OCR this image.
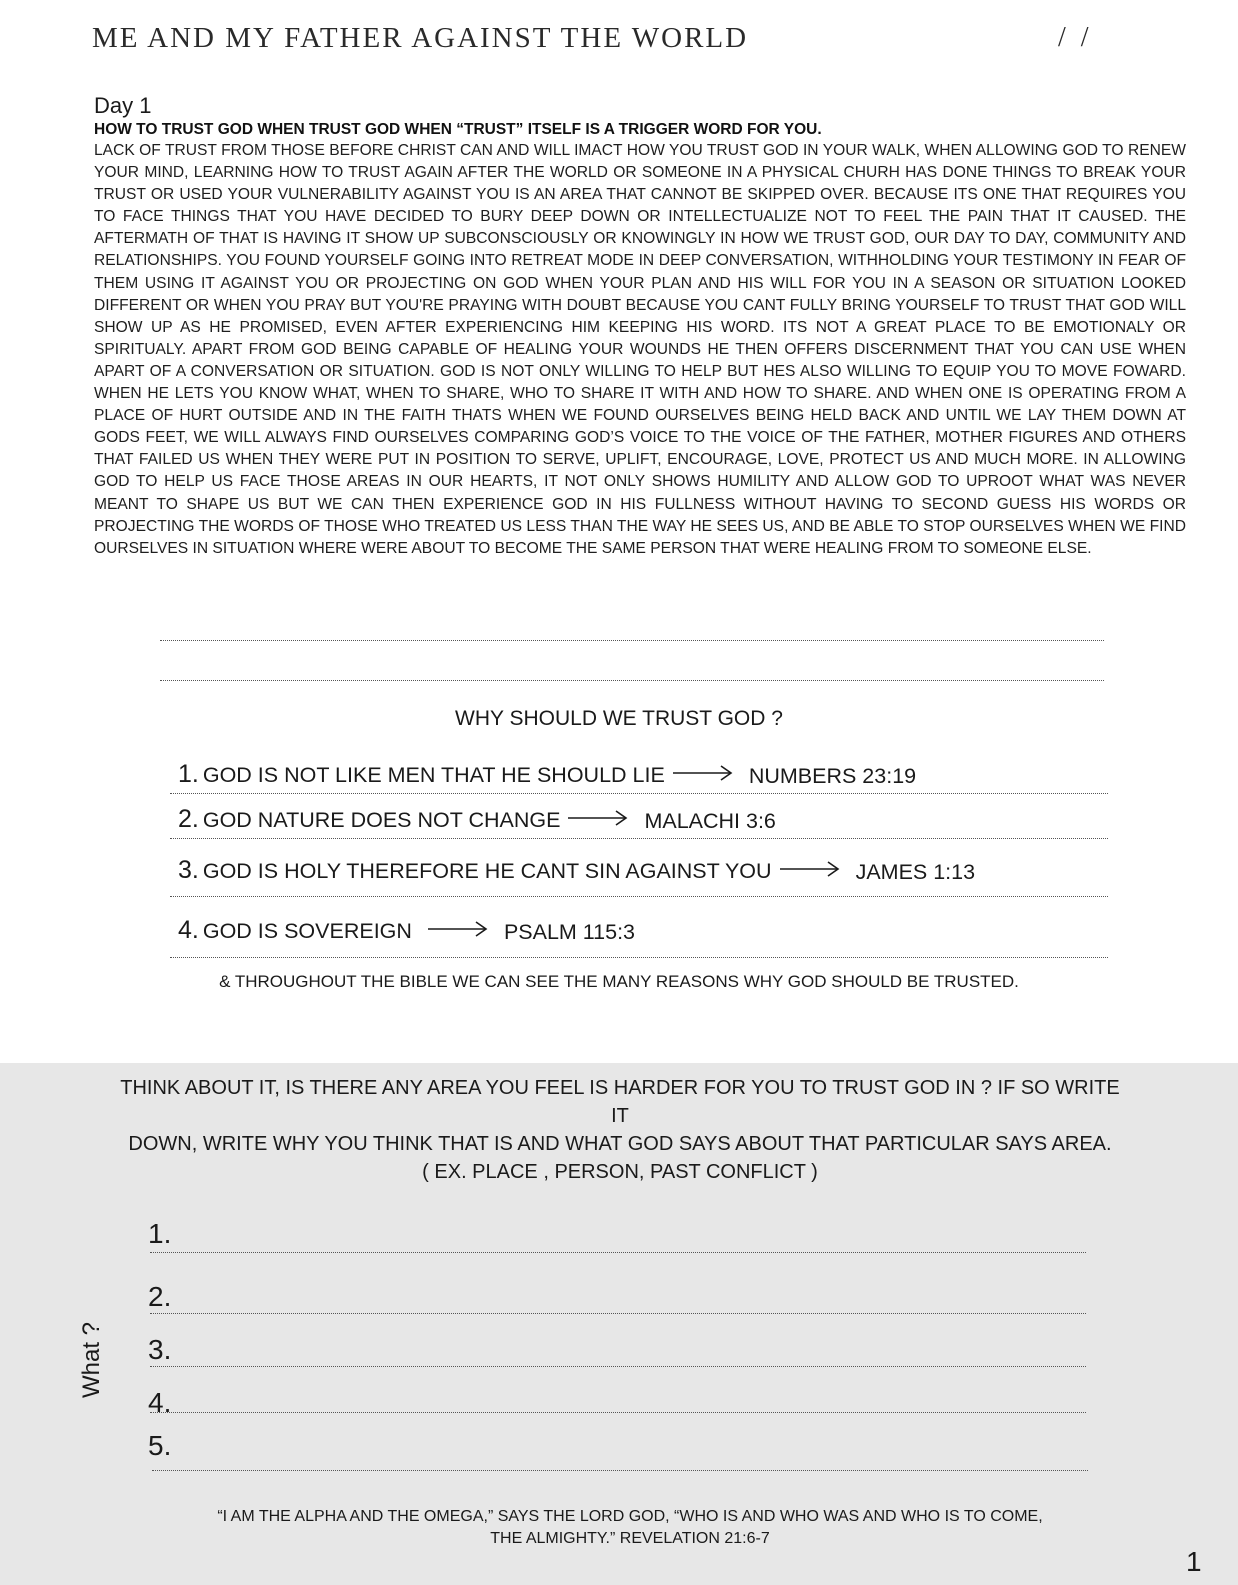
ME AND MY FATHER AGAINST THE WORLD	/ /
Day 1
HOW TO TRUST GOD WHEN TRUST GOD WHEN “TRUST” ITSELF IS A TRIGGER WORD FOR YOU.
LACK OF TRUST FROM THOSE BEFORE CHRIST CAN AND WILL IMACT HOW YOU TRUST GOD IN YOUR WALK, WHEN ALLOWING GOD TO RENEW YOUR MIND, LEARNING HOW TO TRUST AGAIN AFTER THE WORLD OR SOMEONE IN A PHYSICAL CHURH HAS DONE THINGS TO BREAK YOUR TRUST OR USED YOUR VULNERABILITY AGAINST YOU IS AN AREA THAT CANNOT BE SKIPPED OVER. BECAUSE ITS ONE THAT REQUIRES YOU TO FACE THINGS THAT YOU HAVE DECIDED TO BURY DEEP DOWN OR INTELLECTUALIZE NOT TO FEEL THE PAIN THAT IT CAUSED. THE AFTERMATH OF THAT IS HAVING IT SHOW UP SUBCONSCIOUSLY OR KNOWINGLY IN HOW WE TRUST GOD, OUR DAY TO DAY, COMMUNITY AND RELATIONSHIPS. YOU FOUND YOURSELF GOING INTO RETREAT MODE IN DEEP CONVERSATION, WITHHOLDING YOUR TESTIMONY IN FEAR OF THEM USING IT AGAINST YOU OR PROJECTING ON GOD WHEN YOUR PLAN AND HIS WILL FOR YOU IN A SEASON OR SITUATION LOOKED DIFFERENT OR WHEN YOU PRAY BUT YOU'RE PRAYING WITH DOUBT BECAUSE YOU CANT FULLY BRING YOURSELF TO TRUST THAT GOD WILL SHOW UP AS HE PROMISED, EVEN AFTER EXPERIENCING HIM KEEPING HIS WORD. ITS NOT A GREAT PLACE TO BE EMOTIONALY OR SPIRITUALY. APART FROM GOD BEING CAPABLE OF HEALING YOUR WOUNDS HE THEN OFFERS DISCERNMENT THAT YOU CAN USE WHEN APART OF A CONVERSATION OR SITUATION. GOD IS NOT ONLY WILLING TO HELP BUT HES ALSO WILLING TO EQUIP YOU TO MOVE FOWARD. WHEN HE LETS YOU KNOW WHAT, WHEN TO SHARE, WHO TO SHARE IT WITH AND HOW TO SHARE. AND WHEN ONE IS OPERATING FROM A PLACE OF HURT OUTSIDE AND IN THE FAITH THATS WHEN WE FOUND OURSELVES BEING HELD BACK AND UNTIL WE LAY THEM DOWN AT GODS FEET, WE WILL ALWAYS FIND OURSELVES COMPARING GOD’S VOICE TO THE VOICE OF THE FATHER, MOTHER FIGURES AND OTHERS THAT FAILED US WHEN THEY WERE PUT IN POSITION TO SERVE, UPLIFT, ENCOURAGE, LOVE, PROTECT US AND MUCH MORE. IN ALLOWING GOD TO HELP US FACE THOSE AREAS IN OUR HEARTS, IT NOT ONLY SHOWS HUMILITY AND ALLOW GOD TO UPROOT WHAT WAS NEVER MEANT TO SHAPE US BUT WE CAN THEN EXPERIENCE GOD IN HIS FULLNESS WITHOUT HAVING TO SECOND GUESS HIS WORDS OR PROJECTING THE WORDS OF THOSE WHO TREATED US LESS THAN THE WAY HE SEES US, AND BE ABLE TO STOP OURSELVES WHEN WE FIND OURSELVES IN SITUATION WHERE WERE ABOUT TO BECOME THE SAME PERSON THAT WERE HEALING FROM TO SOMEONE ELSE.
WHY SHOULD WE TRUST GOD ?
1. GOD IS NOT LIKE MEN THAT HE SHOULD LIE	NUMBERS 23:19
2. GOD NATURE DOES NOT CHANGE	MALACHI 3:6
3. GOD IS HOLY THEREFORE HE CANT SIN AGAINST YOU	JAMES 1:13
4. GOD IS SOVEREIGN	PSALM 115:3
& THROUGHOUT THE BIBLE WE CAN SEE THE MANY REASONS WHY GOD SHOULD BE TRUSTED.
THINK ABOUT IT, IS THERE ANY AREA YOU FEEL IS HARDER FOR YOU TO TRUST GOD IN ? IF SO WRITE IT
DOWN, WRITE WHY YOU THINK THAT IS AND WHAT GOD SAYS ABOUT THAT PARTICULAR SAYS AREA.
( EX. PLACE , PERSON, PAST CONFLICT )
What ?
1.
2.
3.
4.
5.
“I AM THE ALPHA AND THE OMEGA,” SAYS THE LORD GOD, “WHO IS AND WHO WAS AND WHO IS TO COME,
THE ALMIGHTY.” REVELATION 21:6-7
1
